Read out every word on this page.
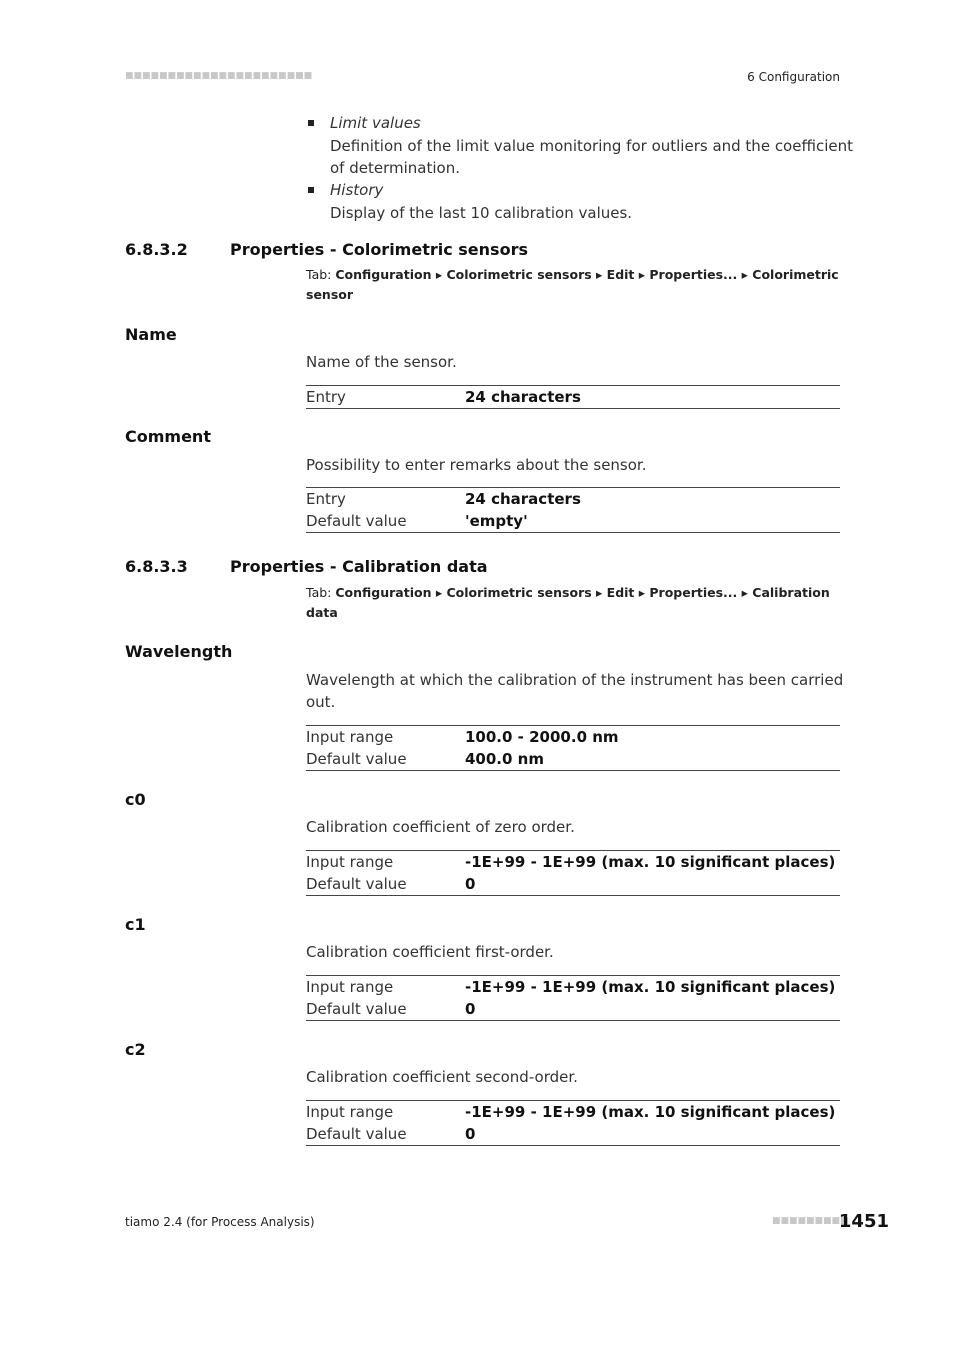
■■■■■■■■■■■■■■■■■■■■■■	6 Configuration
Limit values
Definition of the limit value monitoring for outliers and the coefficient
of determination.
History
Display of the last 10 calibration values.
6.8.3.2	Properties - Colorimetric sensors
Tab: Configuration ▸ Colorimetric sensors ▸ Edit ▸ Properties... ▸ Colorimetric
sensor
Name
Name of the sensor.
Entry	24 characters
Comment
Possibility to enter remarks about the sensor.
Entry	24 characters
Default value	'empty'
6.8.3.3	Properties - Calibration data
Tab: Configuration ▸ Colorimetric sensors ▸ Edit ▸ Properties... ▸ Calibration
data
Wavelength
Wavelength at which the calibration of the instrument has been carried
out.
Input range	100.0 - 2000.0 nm
Default value	400.0 nm
c0
Calibration coefficient of zero order.
Input range	-1E+99 - 1E+99 (max. 10 significant places)
Default value	0
c1
Calibration coefficient first-order.
Input range	-1E+99 - 1E+99 (max. 10 significant places)
Default value	0
c2
Calibration coefficient second-order.
Input range	-1E+99 - 1E+99 (max. 10 significant places)
Default value	0
tiamo 2.4 (for Process Analysis)	■■■■■■■■■
1451
